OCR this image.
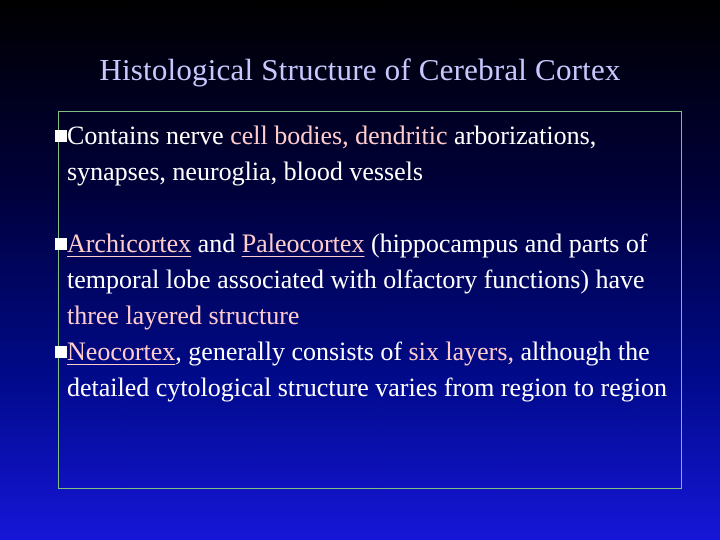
Histological Structure of Cerebral Cortex
Contains nerve cell bodies, dendritic arborizations, synapses, neuroglia, blood vessels
Archicortex and Paleocortex (hippocampus and parts of temporal lobe associated with olfactory functions) have three layered structure
Neocortex, generally consists of six layers, although the detailed cytological structure varies from region to region
